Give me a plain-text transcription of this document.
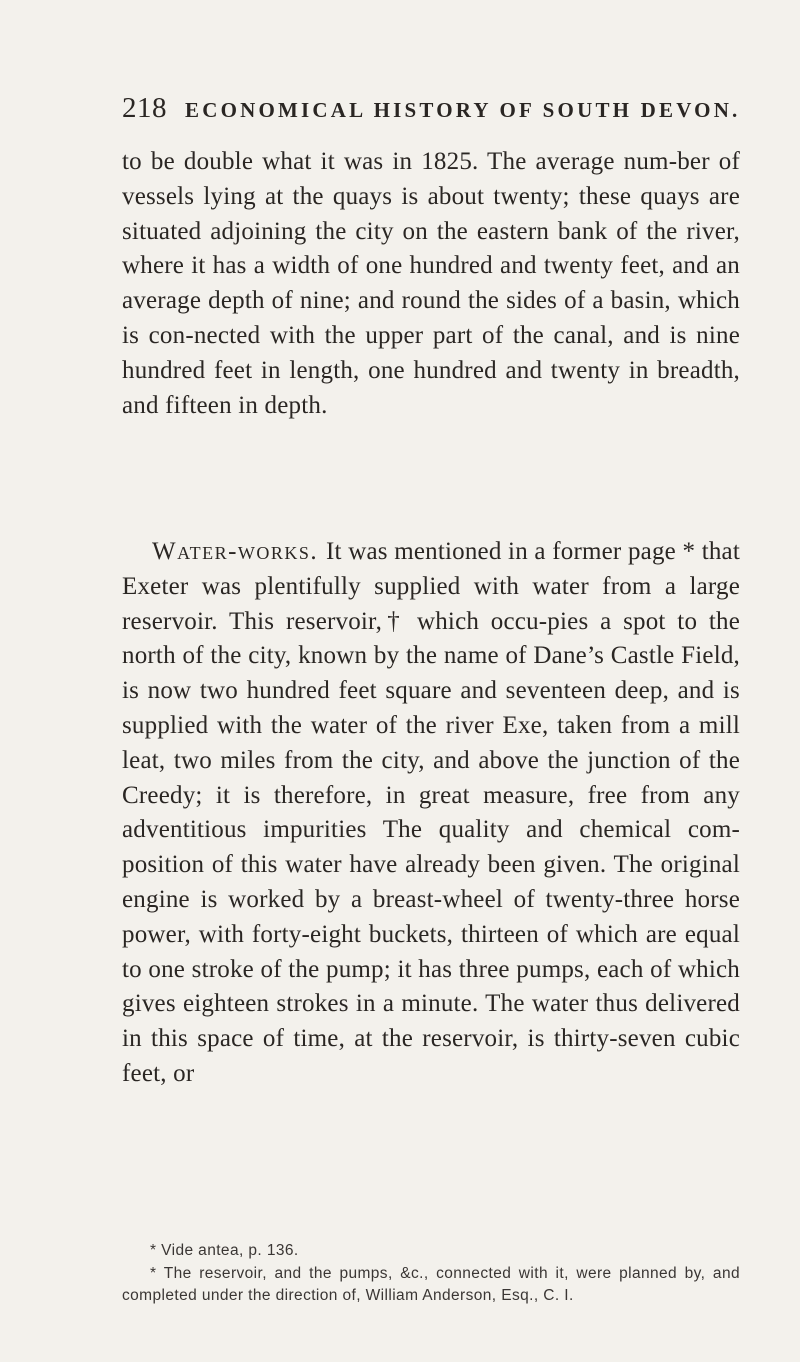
218 ECONOMICAL HISTORY OF SOUTH DEVON.
to be double what it was in 1825. The average num-ber of vessels lying at the quays is about twenty; these quays are situated adjoining the city on the eastern bank of the river, where it has a width of one hundred and twenty feet, and an average depth of nine; and round the sides of a basin, which is con-nected with the upper part of the canal, and is nine hundred feet in length, one hundred and twenty in breadth, and fifteen in depth.
Water-works. It was mentioned in a former page * that Exeter was plentifully supplied with water from a large reservoir. This reservoir,† which occu-pies a spot to the north of the city, known by the name of Dane’s Castle Field, is now two hundred feet square and seventeen deep, and is supplied with the water of the river Exe, taken from a mill leat, two miles from the city, and above the junction of the Creedy; it is therefore, in great measure, free from any adventitious impurities The quality and chemical com-position of this water have already been given. The original engine is worked by a breast-wheel of twenty-three horse power, with forty-eight buckets, thirteen of which are equal to one stroke of the pump; it has three pumps, each of which gives eighteen strokes in a minute. The water thus delivered in this space of time, at the reservoir, is thirty-seven cubic feet, or
* Vide antea, p. 136.
* The reservoir, and the pumps, &c., connected with it, were planned by, and completed under the direction of, William Anderson, Esq., C. I.
